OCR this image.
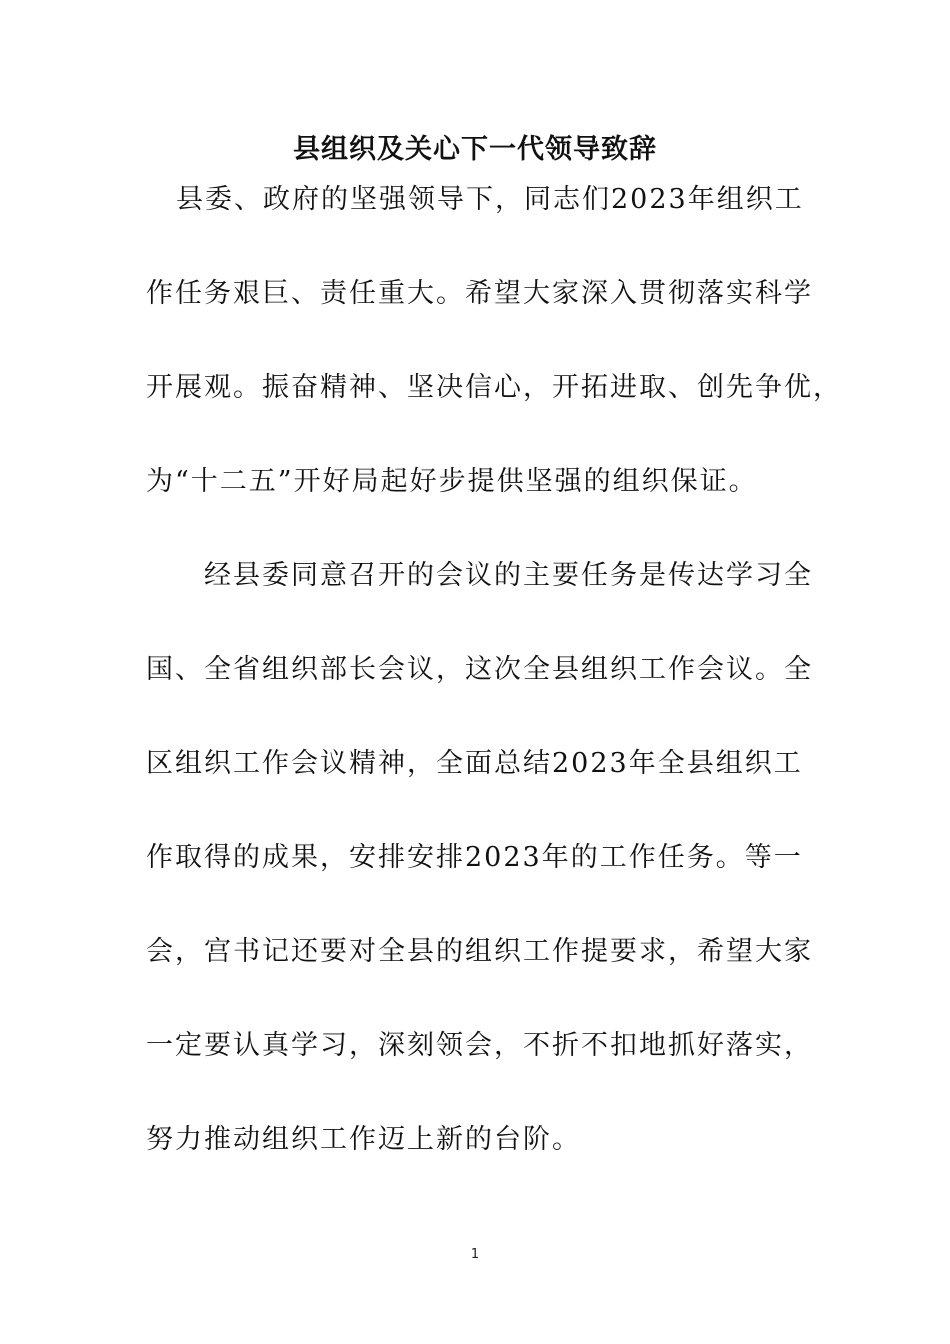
县组织及关心下一代领导致辞
县委、政府的坚强领导下，同志们2023年组织工
作任务艰巨、责任重大。希望大家深入贯彻落实科学
开展观。振奋精神、坚决信心，开拓进取、创先争优，
为“十二五”开好局起好步提供坚强的组织保证。
经县委同意召开的会议的主要任务是传达学习全
国、全省组织部长会议，这次全县组织工作会议。全
区组织工作会议精神，全面总结2023年全县组织工
作取得的成果，安排安排2023年的工作任务。等一
会，宫书记还要对全县的组织工作提要求，希望大家
一定要认真学习，深刻领会，不折不扣地抓好落实，
努力推动组织工作迈上新的台阶。
1
